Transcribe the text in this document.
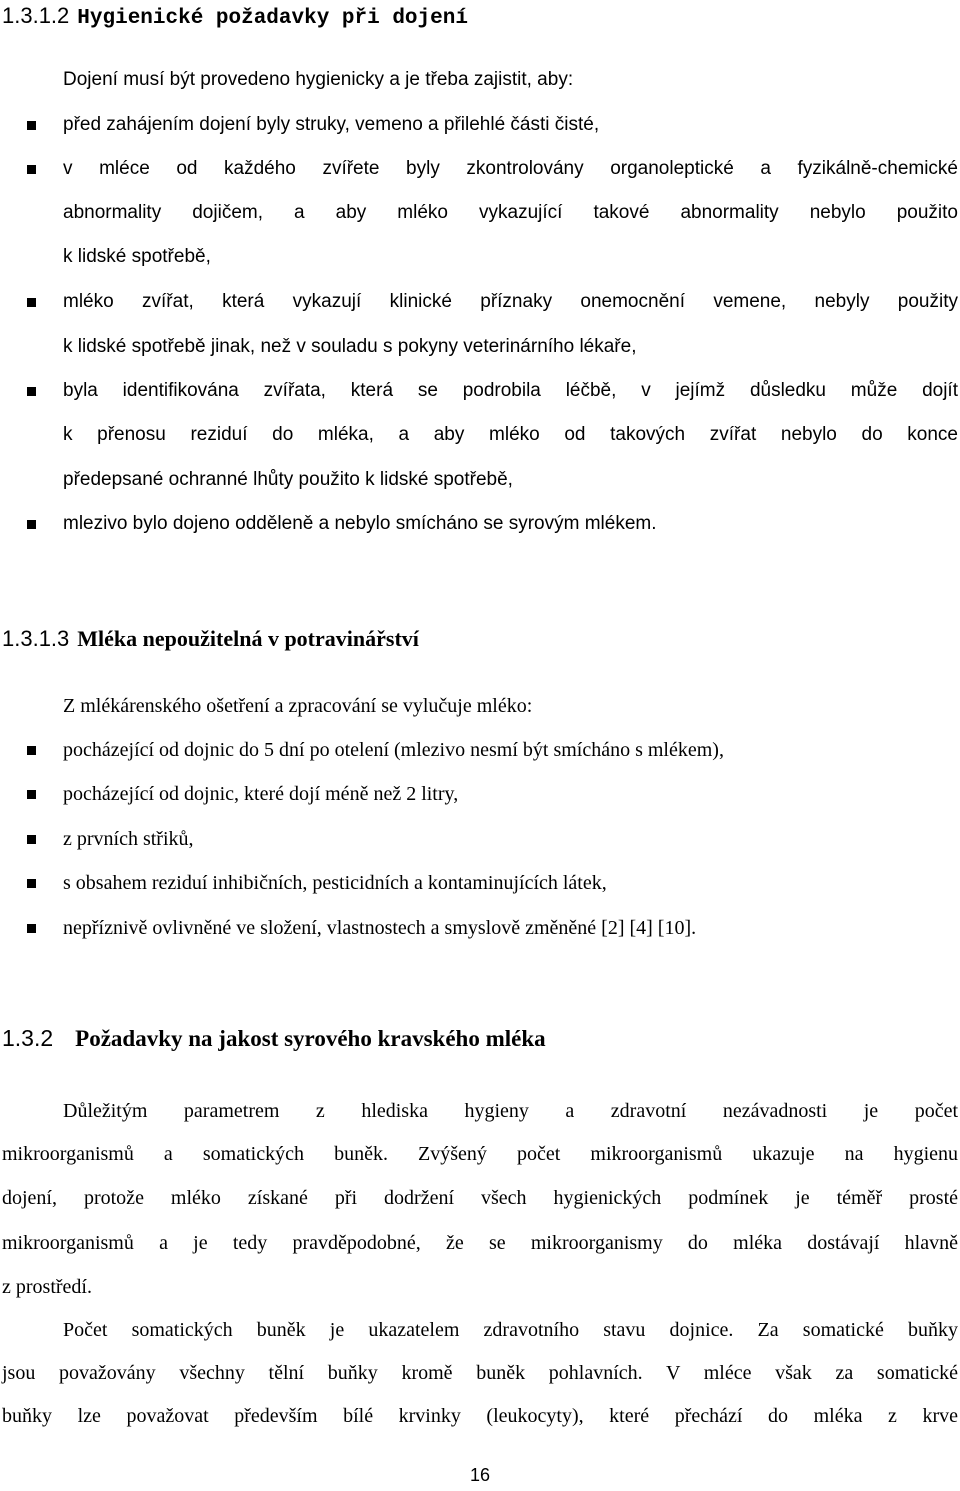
1.3.1.2 Hygienické požadavky při dojení
Dojení musí být provedeno hygienicky a je třeba zajistit, aby:
před zahájením dojení byly struky, vemeno a přilehlé části čisté,
v mléce od každého zvířete byly zkontrolovány organoleptické a fyzikálně-chemické
abnormality dojičem, a aby mléko vykazující takové abnormality nebylo použito
k lidské spotřebě,
mléko zvířat, která vykazují klinické příznaky onemocnění vemene, nebyly použity
k lidské spotřebě jinak, než v souladu s pokyny veterinárního lékaře,
byla identifikována zvířata, která se podrobila léčbě, v jejímž důsledku může dojít
k přenosu reziduí do mléka, a aby mléko od takových zvířat nebylo do konce
předepsané ochranné lhůty použito k lidské spotřebě,
mlezivo bylo dojeno odděleně a nebylo smícháno se syrovým mlékem.
1.3.1.3 Mléka nepoužitelná v potravinářství
Z mlékárenského ošetření a zpracování se vylučuje mléko:
pocházející od dojnic do 5 dní po otelení (mlezivo nesmí být smícháno s mlékem),
pocházející od dojnic, které dojí méně než 2 litry,
z prvních střiků,
s obsahem reziduí inhibičních, pesticidních a kontaminujících látek,
nepříznivě ovlivněné ve složení, vlastnostech a smyslově změněné [2] [4] [10].
1.3.2 Požadavky na jakost syrového kravského mléka
Důležitým parametrem z hlediska hygieny a zdravotní nezávadnosti je počet
mikroorganismů a somatických buněk. Zvýšený počet mikroorganismů ukazuje na hygienu
dojení, protože mléko získané při dodržení všech hygienických podmínek je téměř prosté
mikroorganismů a je tedy pravděpodobné, že se mikroorganismy do mléka dostávají hlavně
z prostředí.
Počet somatických buněk je ukazatelem zdravotního stavu dojnice. Za somatické buňky
jsou považovány všechny tělní buňky kromě buněk pohlavních. V mléce však za somatické
buňky lze považovat především bílé krvinky (leukocyty), které přechází do mléka z krve
16
